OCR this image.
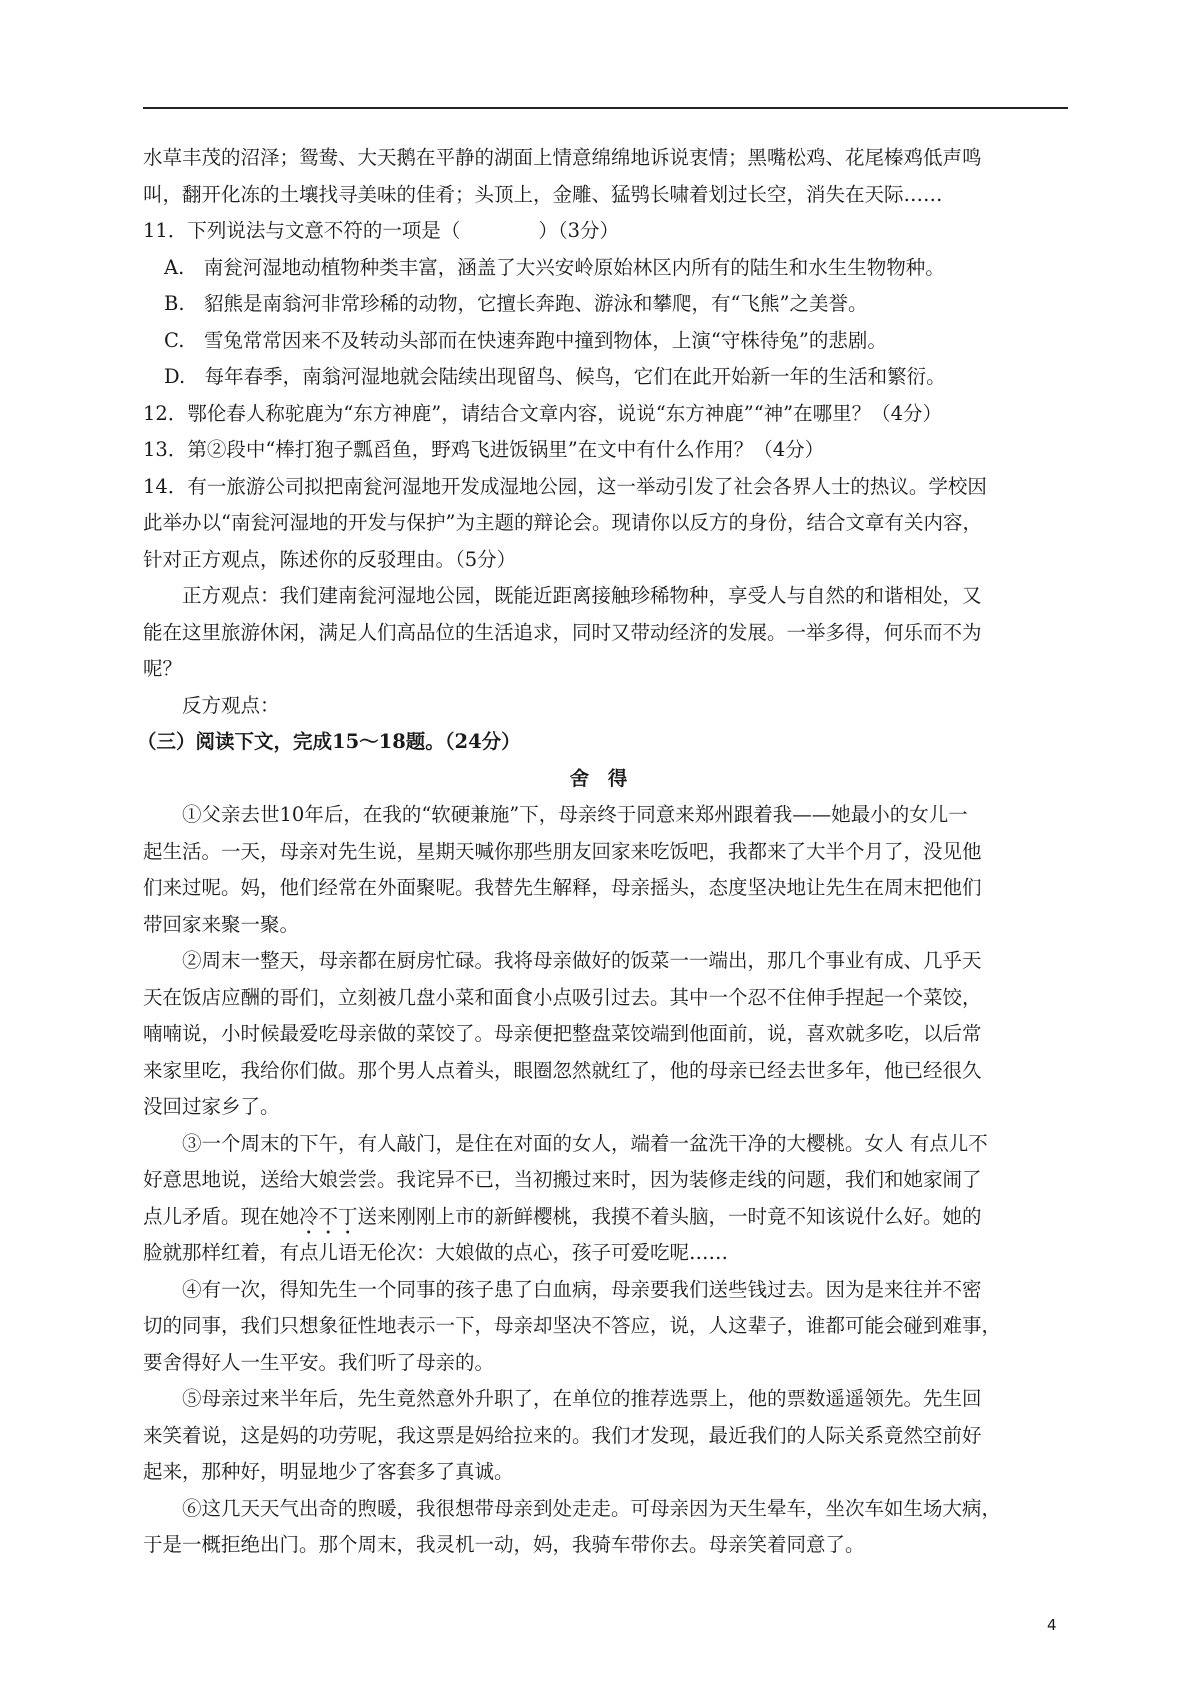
水草丰茂的沼泽；鸳鸯、大天鹅在平静的湖面上情意绵绵地诉说衷情；黑嘴松鸡、花尾榛鸡低声鸣
叫，翻开化冻的土壤找寻美味的佳肴；头顶上，金雕、猛鸮长啸着划过长空，消失在天际……
11．下列说法与文意不符的一项是（　　　　）（3分）
A.　南瓮河湿地动植物种类丰富，涵盖了大兴安岭原始林区内所有的陆生和水生生物物种。
B.　貂熊是南翁河非常珍稀的动物，它擅长奔跑、游泳和攀爬，有“飞熊”之美誉。
C.　雪兔常常因来不及转动头部而在快速奔跑中撞到物体，上演“守株待兔”的悲剧。
D.　每年春季，南翁河湿地就会陆续出现留鸟、候鸟，它们在此开始新一年的生活和繁衍。
12．鄂伦春人称驼鹿为“东方神鹿”，请结合文章内容，说说“东方神鹿”“神”在哪里？（4分）
13．第②段中“棒打狍子瓢舀鱼，野鸡飞进饭锅里”在文中有什么作用？（4分）
14．有一旅游公司拟把南瓮河湿地开发成湿地公园，这一举动引发了社会各界人士的热议。学校因
此举办以“南瓮河湿地的开发与保护”为主题的辩论会。现请你以反方的身份，结合文章有关内容，
针对正方观点，陈述你的反驳理由。（5分）
正方观点：我们建南瓮河湿地公园，既能近距离接触珍稀物种，享受人与自然的和谐相处，又
能在这里旅游休闲，满足人们高品位的生活追求，同时又带动经济的发展。一举多得，何乐而不为
呢？
反方观点：
（三）阅读下文，完成15～18题。（24分）
舍 得
①父亲去世10年后，在我的“软硬兼施”下，母亲终于同意来郑州跟着我——她最小的女儿一
起生活。一天，母亲对先生说，星期天喊你那些朋友回家来吃饭吧，我都来了大半个月了，没见他
们来过呢。妈，他们经常在外面聚呢。我替先生解释，母亲摇头，态度坚决地让先生在周末把他们
带回家来聚一聚。
②周末一整天，母亲都在厨房忙碌。我将母亲做好的饭菜一一端出，那几个事业有成、几乎天
天在饭店应酬的哥们，立刻被几盘小菜和面食小点吸引过去。其中一个忍不住伸手捏起一个菜饺，
喃喃说，小时候最爱吃母亲做的菜饺了。母亲便把整盘菜饺端到他面前，说，喜欢就多吃，以后常
来家里吃，我给你们做。那个男人点着头，眼圈忽然就红了，他的母亲已经去世多年，他已经很久
没回过家乡了。
③一个周末的下午，有人敲门，是住在对面的女人，端着一盆洗干净的大樱桃。女人 有点儿不
好意思地说，送给大娘尝尝。我诧异不已，当初搬过来时，因为装修走线的问题，我们和她家闹了
点儿矛盾。现在她冷不丁送来刚刚上市的新鲜樱桃，我摸不着头脑，一时竟不知该说什么好。她的
脸就那样红着，有点儿语无伦次：大娘做的点心，孩子可爱吃呢……
④有一次，得知先生一个同事的孩子患了白血病，母亲要我们送些钱过去。因为是来往并不密
切的同事，我们只想象征性地表示一下，母亲却坚决不答应，说，人这辈子，谁都可能会碰到难事，
要舍得好人一生平安。我们听了母亲的。
⑤母亲过来半年后，先生竟然意外升职了，在单位的推荐选票上，他的票数遥遥领先。先生回
来笑着说，这是妈的功劳呢，我这票是妈给拉来的。我们才发现，最近我们的人际关系竟然空前好
起来，那种好，明显地少了客套多了真诚。
⑥这几天天气出奇的煦暖，我很想带母亲到处走走。可母亲因为天生晕车，坐次车如生场大病，
于是一概拒绝出门。那个周末，我灵机一动，妈，我骑车带你去。母亲笑着同意了。
4
